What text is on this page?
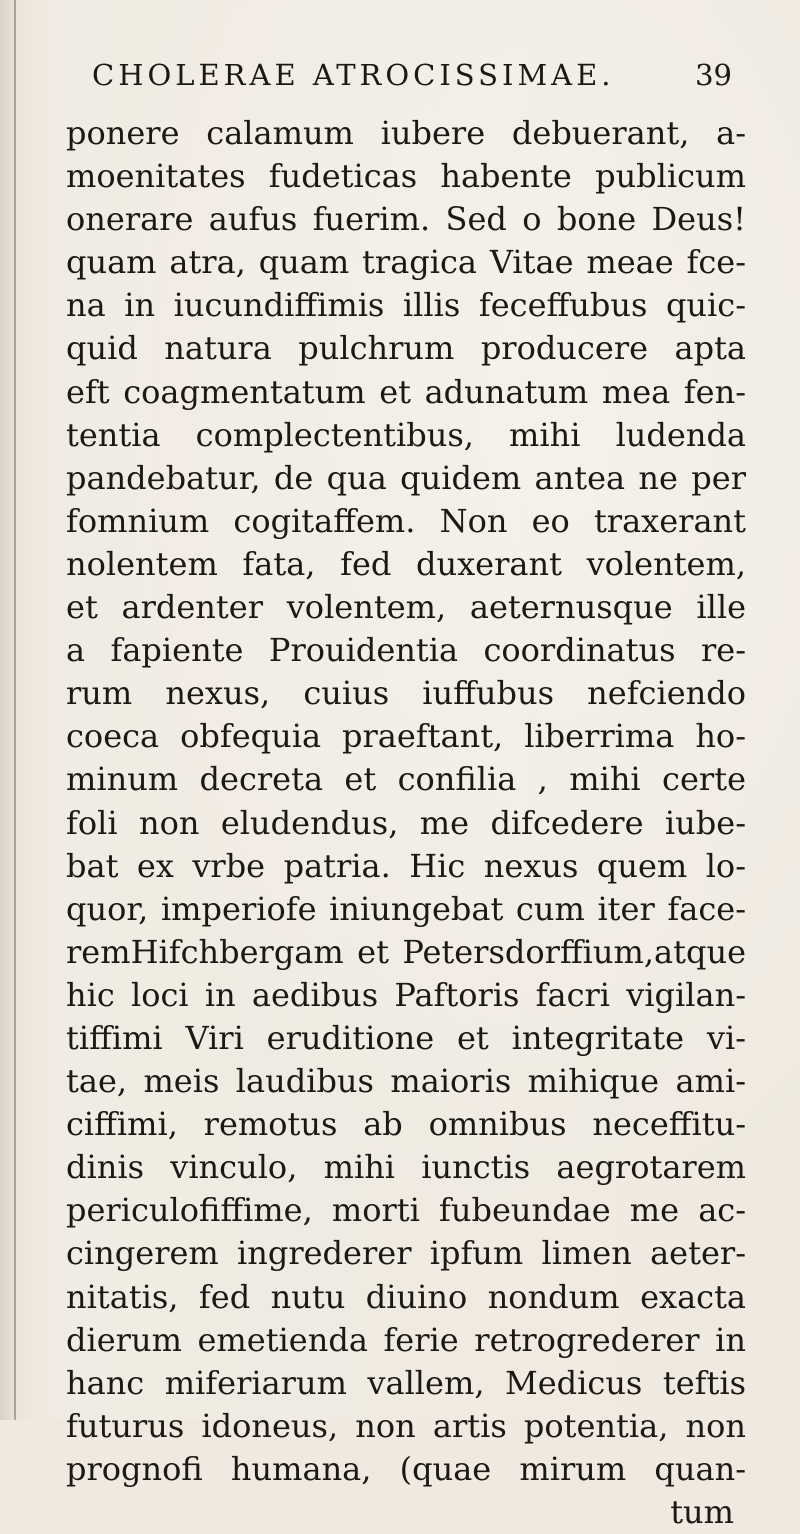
CHOLERAE ATROCISSIMAE.	39
ponere calamum iubere debuerant, a-
moenitates fudeticas habente publicum
onerare aufus fuerim. Sed o bone Deus!
quam atra, quam tragica Vitae meae fce-
na in iucundiffimis illis feceffubus quic-
quid natura pulchrum producere apta
eft coagmentatum et adunatum mea fen-
tentia complectentibus, mihi ludenda
pandebatur, de qua quidem antea ne per
fomnium cogitaffem. Non eo traxerant
nolentem fata, fed duxerant volentem,
et ardenter volentem, aeternusque ille
a fapiente Prouidentia coordinatus re-
rum nexus, cuius iuffubus nefciendo
coeca obfequia praeftant, liberrima ho-
minum decreta et confilia , mihi certe
foli non eludendus, me difcedere iube-
bat ex vrbe patria. Hic nexus quem lo-
quor, imperiofe iniungebat cum iter face-
remHifchbergam et Petersdorffium,atque
hic loci in aedibus Paftoris facri vigilan-
tiffimi Viri eruditione et integritate vi-
tae, meis laudibus maioris mihique ami-
ciffimi, remotus ab omnibus neceffitu-
dinis vinculo, mihi iunctis aegrotarem
periculofiffime, morti fubeundae me ac-
cingerem ingrederer ipfum limen aeter-
nitatis, fed nutu diuino nondum exacta
dierum emetienda ferie retrogrederer in
hanc miferiarum vallem, Medicus teftis
futurus idoneus, non artis potentia, non
prognofi humana, (quae mirum quan-
tum
